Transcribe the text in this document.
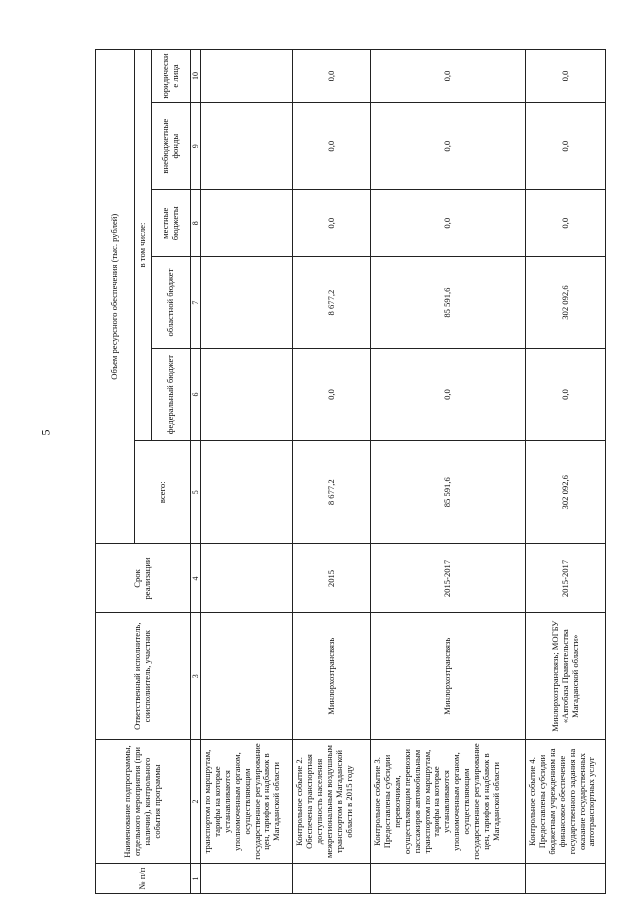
5
№ п/п	Наименование подпрограммы, отдельного мероприятия (при наличии), контрольного события программы	Ответственный исполнитель, соисполнитель, участник	Срок реализации	Объем ресурсного обеспечения (тыс. рублей)					
				всего:	в том числе:				
					федеральный бюджет	областной бюджет	местные бюджеты	внебюджетные фонды	юридические лица
1	2	3	4	5	6	7	8	9	10
	транспортом по маршрутам, тарифы на которые устанавливаются уполномоченным органом, осуществляющим государственное регулирование цен, тарифов и надбавок в Магаданской области								
	Контрольное событие 2. Обеспечена транспортная доступность населения межрегиональным воздушным транспортом в Магаданской области в 2015 году	Минлорхозтрансвязь	2015	8 677,2	0,0	8 677,2	0,0	0,0	0,0
	Контрольное событие 3. Предоставлены субсидии перевозчикам, осуществляющим перевозки пассажиров автомобильным транспортом по маршрутам, тарифы на которые устанавливаются уполномоченным органом, осуществляющим государственное регулирование цен, тарифов и надбавок в Магаданской области	Минлорхозтрансвязь	2015-2017	85 591,6	0,0	85 591,6	0,0	0,0	0,0
	Контрольное событие 4. Предоставлены субсидии бюджетным учреждениям на финансовое обеспечение государственного задания на оказание государственных автотранспортных услуг	Минлорхозтрансвязь; МОГБУ «Автобаза Правительства Магаданской области»	2015-2017	302 092,6	0,0	302 092,6	0,0	0,0	0,0
